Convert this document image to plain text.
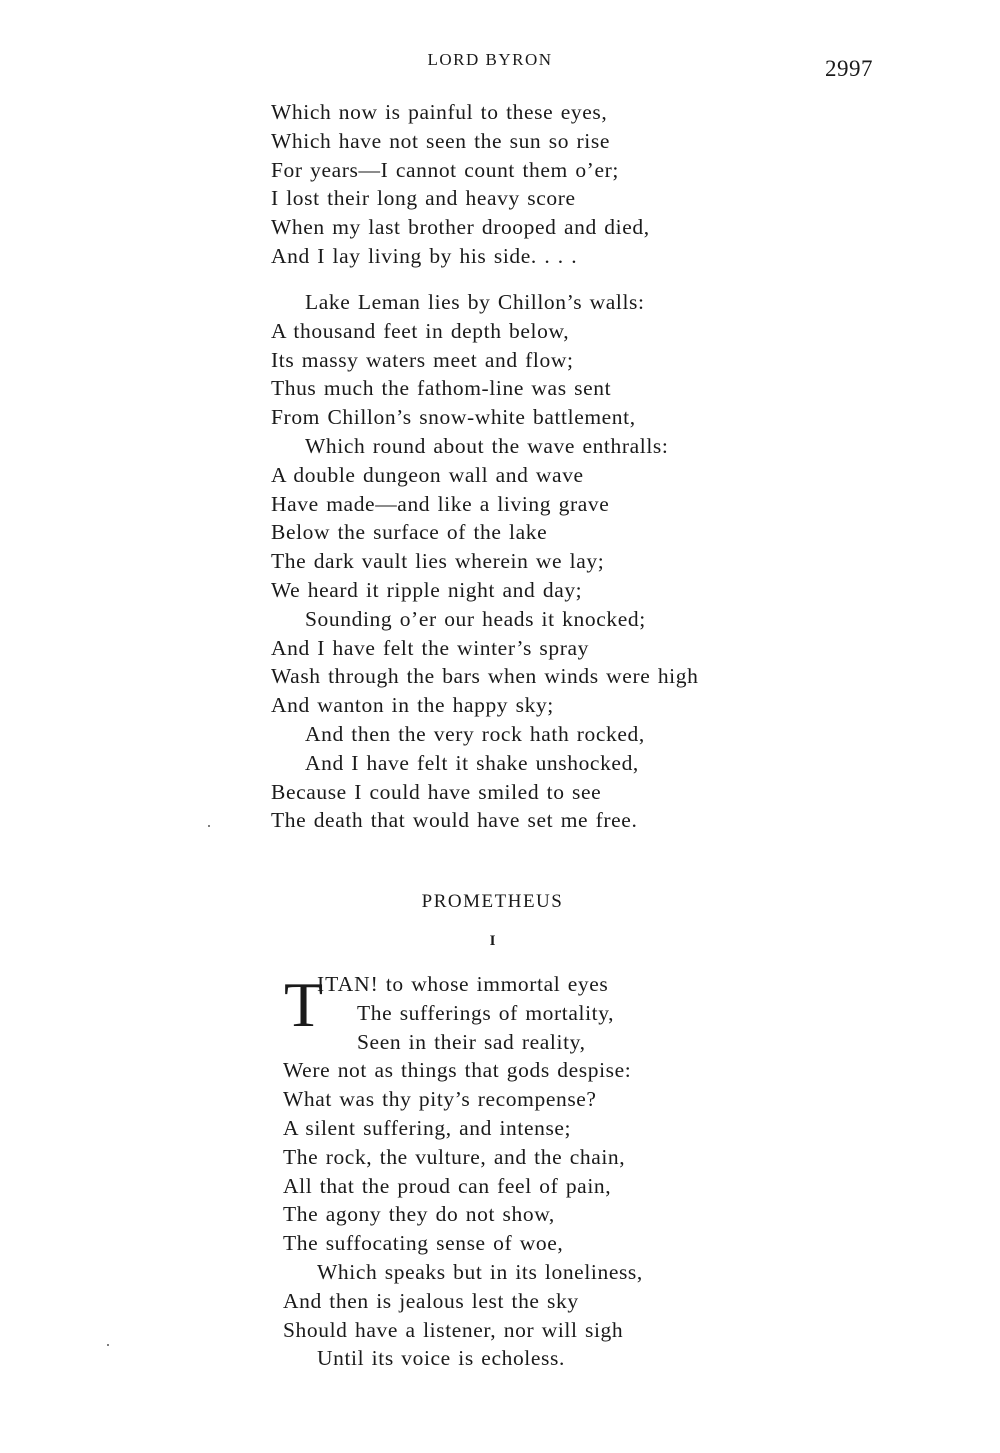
LORD BYRON	2997
Which now is painful to these eyes,
Which have not seen the sun so rise
For years—I cannot count them o’er;
I lost their long and heavy score
When my last brother drooped and died,
And I lay living by his side. . . .
Lake Leman lies by Chillon’s walls:
A thousand feet in depth below,
Its massy waters meet and flow;
Thus much the fathom-line was sent
From Chillon’s snow-white battlement,
Which round about the wave enthralls:
A double dungeon wall and wave
Have made—and like a living grave
Below the surface of the lake
The dark vault lies wherein we lay;
We heard it ripple night and day;
Sounding o’er our heads it knocked;
And I have felt the winter’s spray
Wash through the bars when winds were high
And wanton in the happy sky;
And then the very rock hath rocked,
And I have felt it shake unshocked,
Because I could have smiled to see
The death that would have set me free.
PROMETHEUS
I
T
ITAN! to whose immortal eyes
The sufferings of mortality,
Seen in their sad reality,
Were not as things that gods despise:
What was thy pity’s recompense?
A silent suffering, and intense;
The rock, the vulture, and the chain,
All that the proud can feel of pain,
The agony they do not show,
The suffocating sense of woe,
Which speaks but in its loneliness,
And then is jealous lest the sky
Should have a listener, nor will sigh
Until its voice is echoless.
